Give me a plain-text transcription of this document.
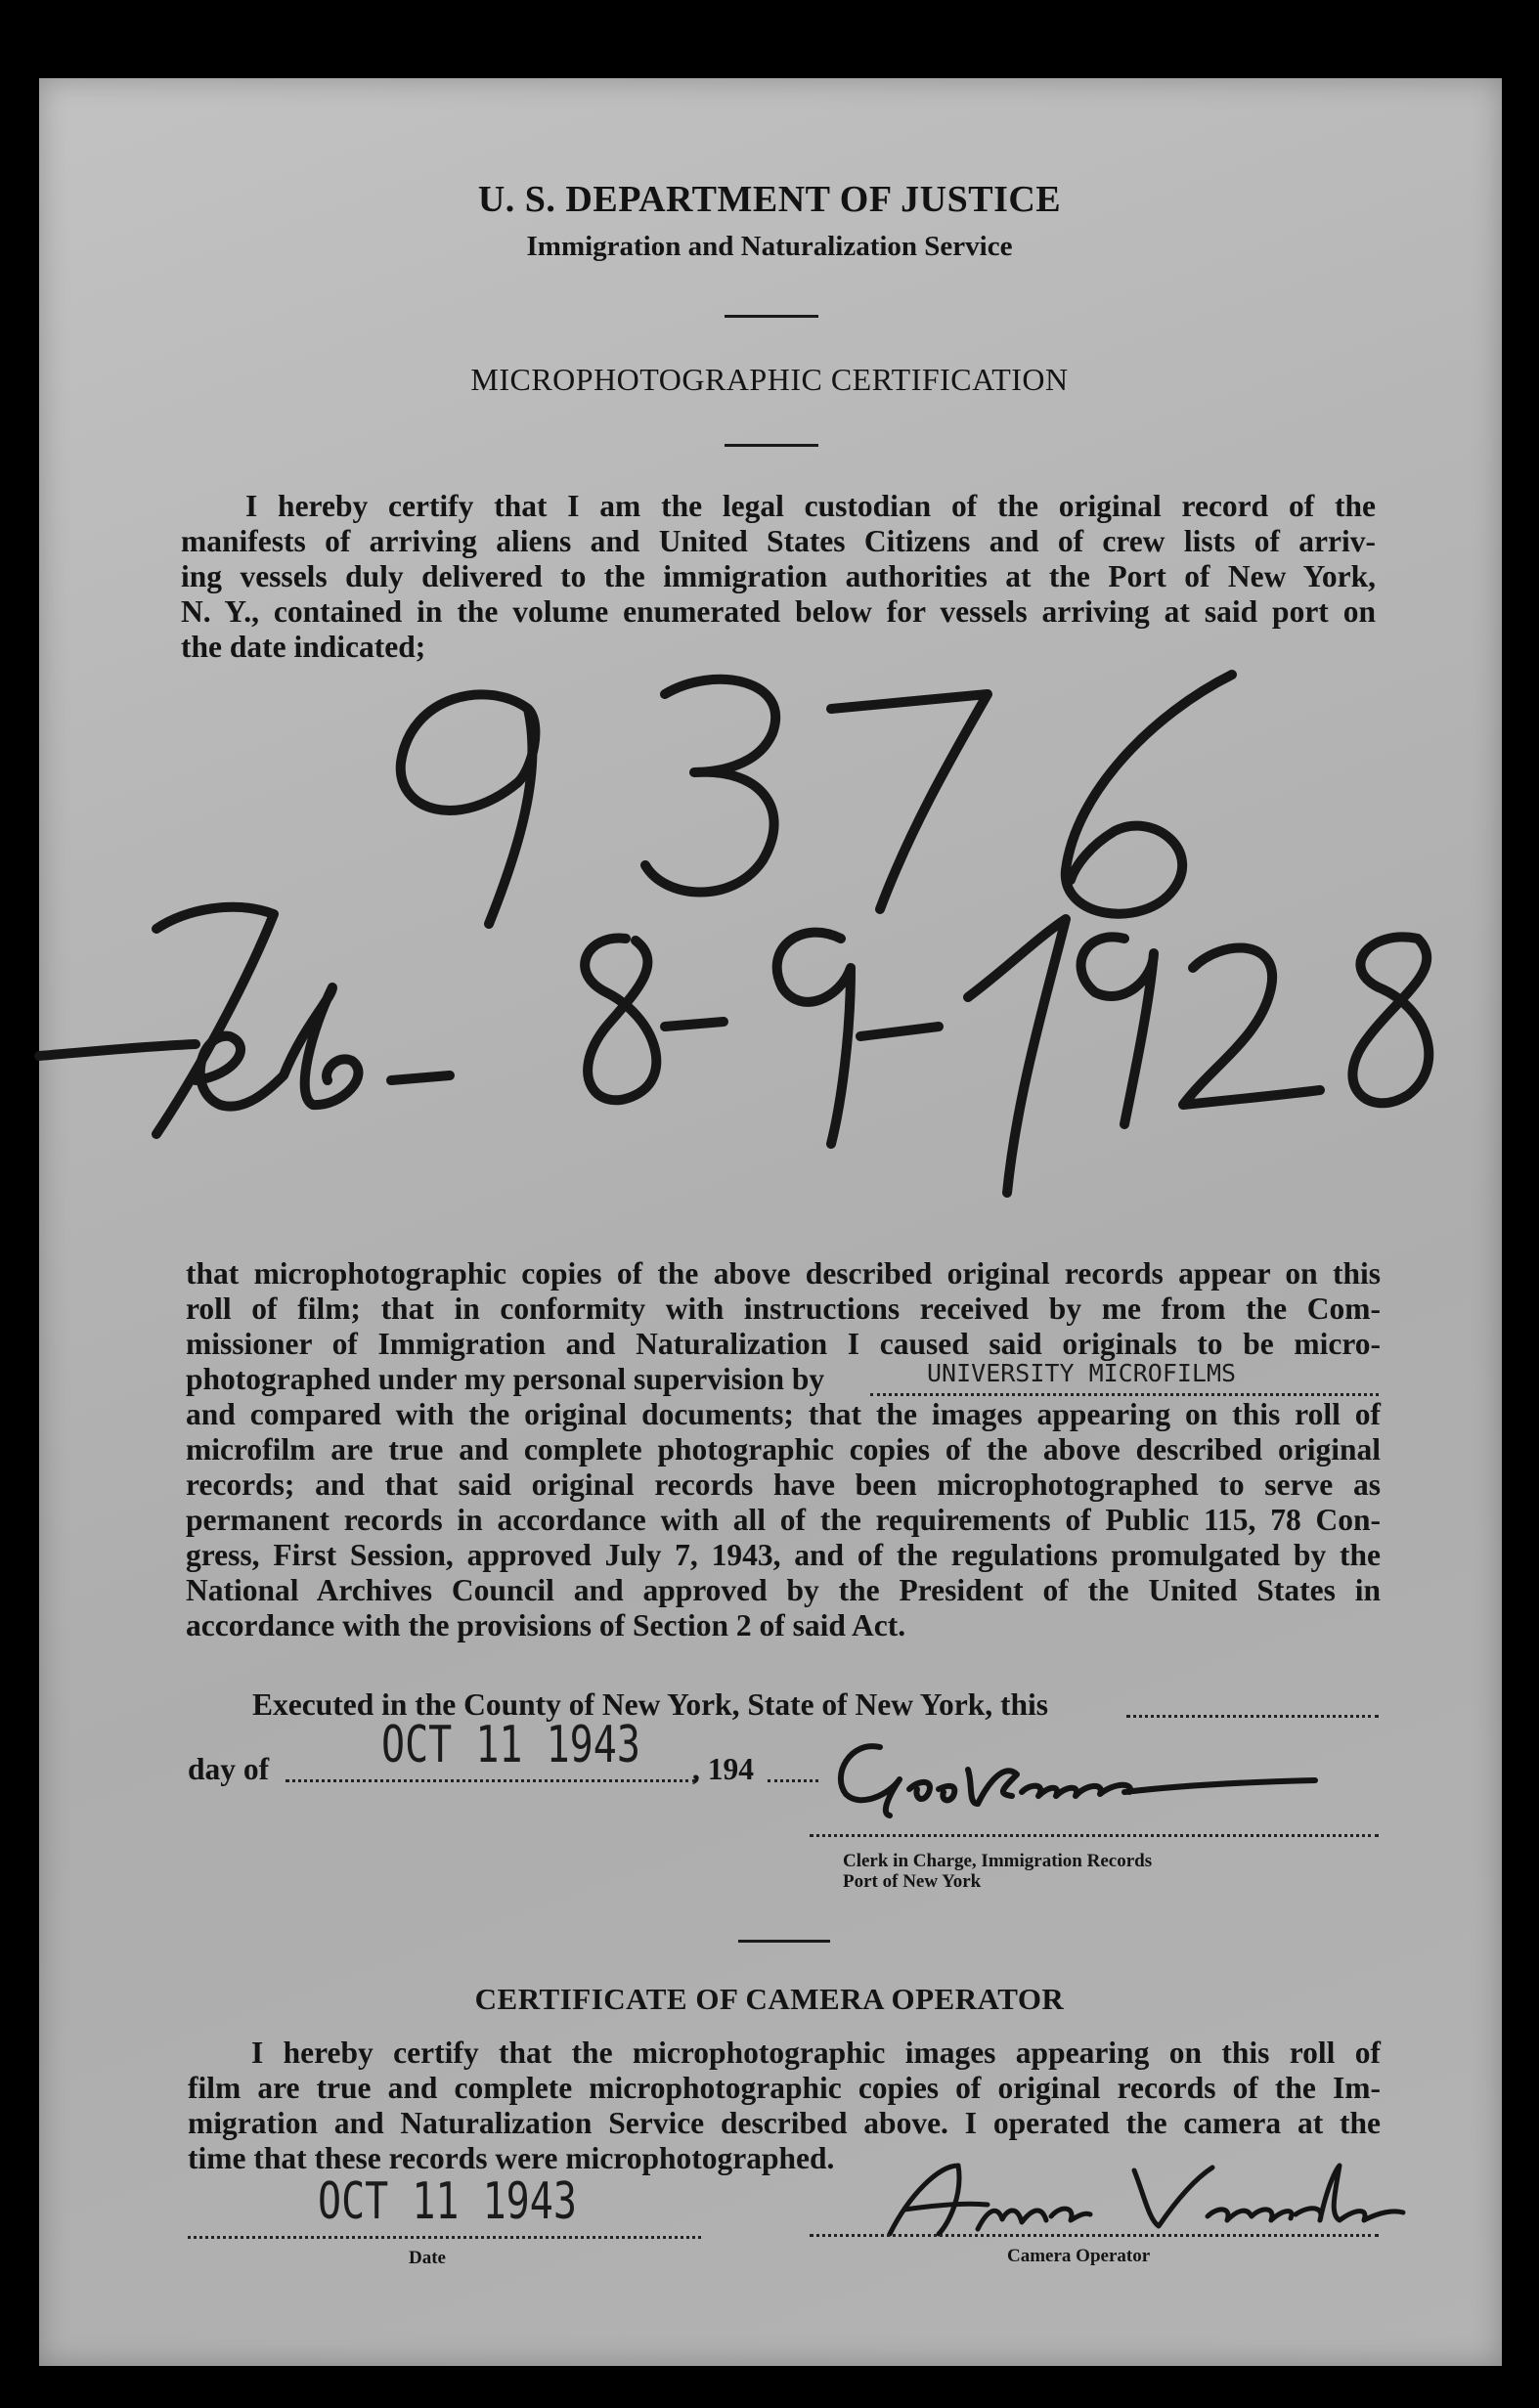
U. S. DEPARTMENT OF JUSTICE
Immigration and Naturalization Service
MICROPHOTOGRAPHIC CERTIFICATION
I hereby certify that I am the legal custodian of the original record of the
manifests of arriving aliens and United States Citizens and of crew lists of arriv-
ing vessels duly delivered to the immigration authorities at the Port of New York,
N. Y., contained in the volume enumerated below for vessels arriving at said port on
the date indicated;
that microphotographic copies of the above described original records appear on this
roll of film; that in conformity with instructions received by me from the Com-
missioner of Immigration and Naturalization I caused said originals to be micro-
photographed under my personal supervision by
and compared with the original documents; that the images appearing on this roll of
microfilm are true and complete photographic copies of the above described original
records; and that said original records have been microphotographed to serve as
permanent records in accordance with all of the requirements of Public 115, 78 Con-
gress, First Session, approved July 7, 1943, and of the regulations promulgated by the
National Archives Council and approved by the President of the United States in
accordance with the provisions of Section 2 of said Act.
UNIVERSITY MICROFILMS
Executed in the County of New York, State of New York, this
day of	OCT 11 1943 , 194
Clerk in Charge, Immigration Records
Port of New York
CERTIFICATE OF CAMERA OPERATOR
I hereby certify that the microphotographic images appearing on this roll of
film are true and complete microphotographic copies of original records of the Im-
migration and Naturalization Service described above. I operated the camera at the
time that these records were microphotographed.
OCT 11 1943
Date	Camera Operator
